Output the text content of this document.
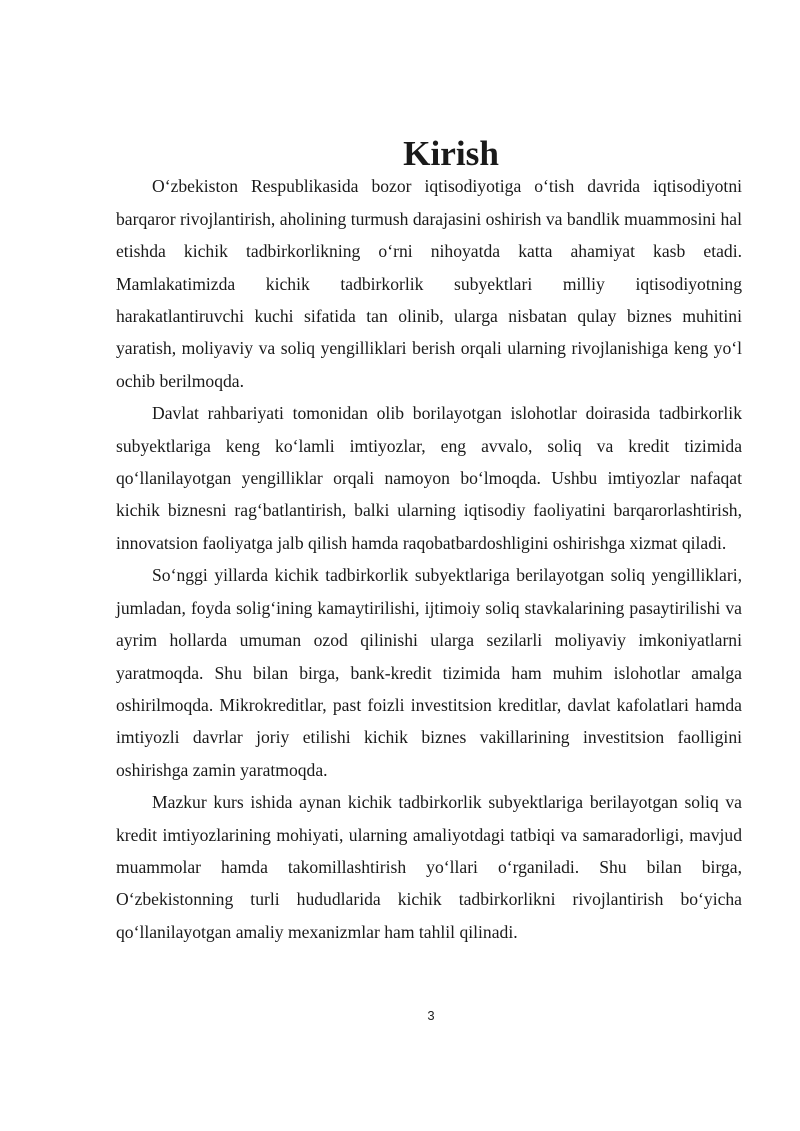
Kirish

O‘zbekiston Respublikasida bozor iqtisodiyotiga o‘tish davrida iqtisodiyotni barqaror rivojlantirish, aholining turmush darajasini oshirish va bandlik muammosini hal etishda kichik tadbirkorlikning o‘rni nihoyatda katta ahamiyat kasb etadi. Mamlakatimizda kichik tadbirkorlik subyektlari milliy iqtisodiyotning harakatlantiruvchi kuchi sifatida tan olinib, ularga nisbatan qulay biznes muhitini yaratish, moliyaviy va soliq yengilliklari berish orqali ularning rivojlanishiga keng yo‘l ochib berilmoqda.

Davlat rahbariyati tomonidan olib borilayotgan islohotlar doirasida tadbirkorlik subyektlariga keng ko‘lamli imtiyozlar, eng avvalo, soliq va kredit tizimida qo‘llanilayotgan yengilliklar orqali namoyon bo‘lmoqda. Ushbu imtiyozlar nafaqat kichik biznesni rag‘batlantirish, balki ularning iqtisodiy faoliyatini barqarorlashtirish, innovatsion faoliyatga jalb qilish hamda raqobatbardoshligini oshirishga xizmat qiladi.

So‘nggi yillarda kichik tadbirkorlik subyektlariga berilayotgan soliq yengilliklari, jumladan, foyda solig‘ining kamaytirilishi, ijtimoiy soliq stavkalarining pasaytirilishi va ayrim hollarda umuman ozod qilinishi ularga sezilarli moliyaviy imkoniyatlarni yaratmoqda. Shu bilan birga, bank-kredit tizimida ham muhim islohotlar amalga oshirilmoqda. Mikrokreditlar, past foizli investitsion kreditlar, davlat kafolatlari hamda imtiyozli davrlar joriy etilishi kichik biznes vakillarining investitsion faolligini oshirishga zamin yaratmoqda.

Mazkur kurs ishida aynan kichik tadbirkorlik subyektlariga berilayotgan soliq va kredit imtiyozlarining mohiyati, ularning amaliyotdagi tatbiqi va samaradorligi, mavjud muammolar hamda takomillashtirish yo‘llari o‘rganiladi. Shu bilan birga, O‘zbekistonning turli hududlarida kichik tadbirkorlikni rivojlantirish bo‘yicha qo‘llanilayotgan amaliy mexanizmlar ham tahlil qilinadi.

3
